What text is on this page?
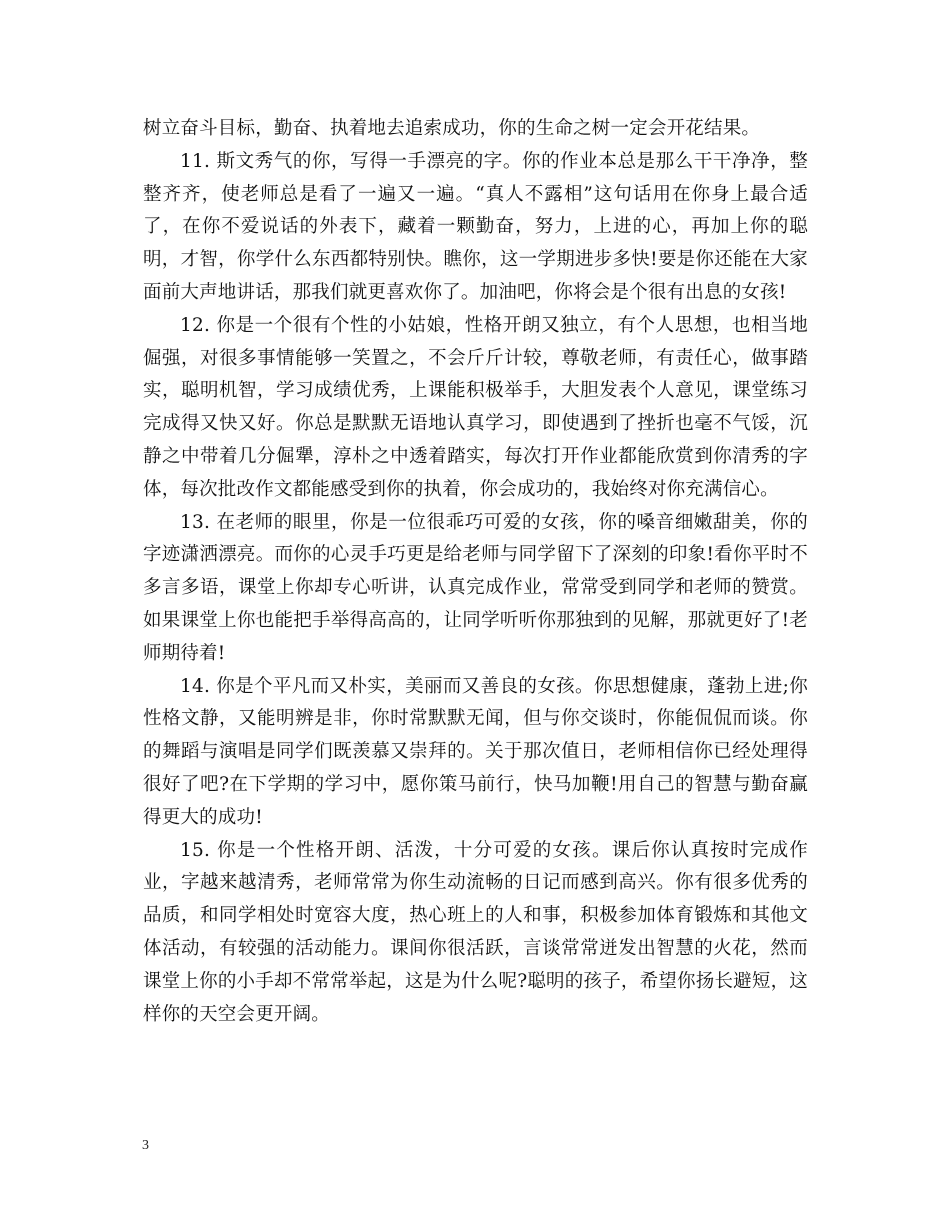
树立奋斗目标，勤奋、执着地去追索成功，你的生命之树一定会开花结果。

11. 斯文秀气的你，写得一手漂亮的字。你的作业本总是那么干干净净，整整齐齐，使老师总是看了一遍又一遍。“真人不露相”这句话用在你身上最合适了，在你不爱说话的外表下，藏着一颗勤奋，努力，上进的心，再加上你的聪明，才智，你学什么东西都特别快。瞧你，这一学期进步多快!要是你还能在大家面前大声地讲话，那我们就更喜欢你了。加油吧，你将会是个很有出息的女孩!

12. 你是一个很有个性的小姑娘，性格开朗又独立，有个人思想，也相当地倔强，对很多事情能够一笑置之，不会斤斤计较，尊敬老师，有责任心，做事踏实，聪明机智，学习成绩优秀，上课能积极举手，大胆发表个人意见，课堂练习完成得又快又好。你总是默默无语地认真学习，即使遇到了挫折也毫不气馁，沉静之中带着几分倔犟，淳朴之中透着踏实，每次打开作业都能欣赏到你清秀的字体，每次批改作文都能感受到你的执着，你会成功的，我始终对你充满信心。

13. 在老师的眼里，你是一位很乖巧可爱的女孩，你的嗓音细嫩甜美，你的字迹潇洒漂亮。而你的心灵手巧更是给老师与同学留下了深刻的印象!看你平时不多言多语，课堂上你却专心听讲，认真完成作业，常常受到同学和老师的赞赏。如果课堂上你也能把手举得高高的，让同学听听你那独到的见解，那就更好了!老师期待着!

14. 你是个平凡而又朴实，美丽而又善良的女孩。你思想健康，蓬勃上进;你性格文静，又能明辨是非，你时常默默无闻，但与你交谈时，你能侃侃而谈。你的舞蹈与演唱是同学们既羡慕又崇拜的。关于那次值日，老师相信你已经处理得很好了吧?在下学期的学习中，愿你策马前行，快马加鞭!用自己的智慧与勤奋赢得更大的成功!

15. 你是一个性格开朗、活泼，十分可爱的女孩。课后你认真按时完成作业，字越来越清秀，老师常常为你生动流畅的日记而感到高兴。你有很多优秀的品质，和同学相处时宽容大度，热心班上的人和事，积极参加体育锻炼和其他文体活动，有较强的活动能力。课间你很活跃，言谈常常迸发出智慧的火花，然而课堂上你的小手却不常常举起，这是为什么呢?聪明的孩子，希望你扬长避短，这样你的天空会更开阔。

3
